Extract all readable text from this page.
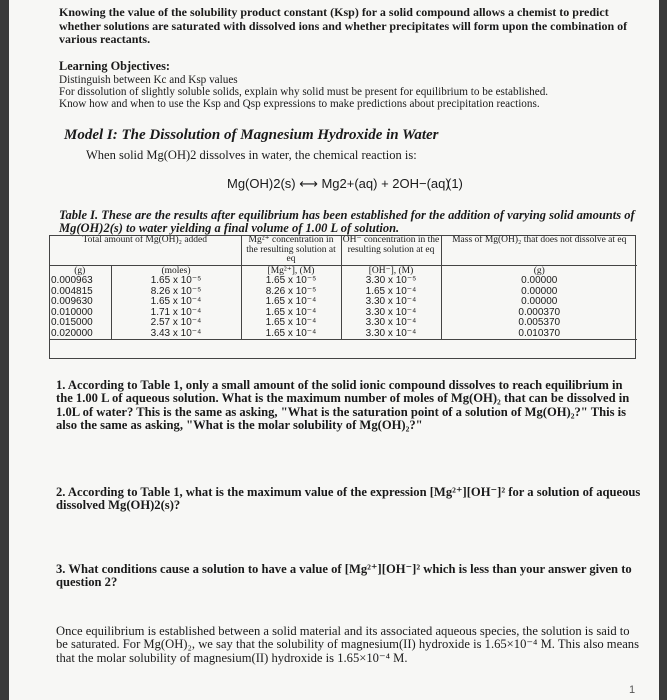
Knowing the value of the solubility product constant (Ksp) for a solid compound allows a chemist to predict whether solutions are saturated with dissolved ions and whether precipitates will form upon the combination of various reactants.

Learning Objectives:

Distinguish between Kc and Ksp values
For dissolution of slightly soluble solids, explain why solid must be present for equilibrium to be established.
Know how and when to use the Ksp and Qsp expressions to make predictions about precipitation reactions.
Model I: The Dissolution of Magnesium Hydroxide in Water
When solid Mg(OH)2 dissolves in water, the chemical reaction is:
Mg(OH)2(s) ⟷ Mg2+(aq) + 2OH−(aq)
(1)
Table I. These are the results after equilibrium has been established for the addition of varying solid amounts of Mg(OH)2(s) to water yielding a final volume of 1.00 L of solution.
Total amount of Mg(OH)₂ added		Mg²⁺ concentration in the resulting solution at eq	OH⁻ concentration in the resulting solution at eq	Mass of Mg(OH)₂ that does not dissolve at eq
(g)	(moles)	[Mg²⁺], (M)	[OH⁻], (M)	(g)
0.000963	1.65 x 10⁻⁵	1.65 x 10⁻⁵	3.30 x 10⁻⁵	0.00000
0.004815	8.26 x 10⁻⁵	8.26 x 10⁻⁵	1.65 x 10⁻⁴	0.00000
0.009630	1.65 x 10⁻⁴	1.65 x 10⁻⁴	3.30 x 10⁻⁴	0.00000
0.010000	1.71 x 10⁻⁴	1.65 x 10⁻⁴	3.30 x 10⁻⁴	0.000370
0.015000	2.57 x 10⁻⁴	1.65 x 10⁻⁴	3.30 x 10⁻⁴	0.005370
0.020000	3.43 x 10⁻⁴	1.65 x 10⁻⁴	3.30 x 10⁻⁴	0.010370

1. According to Table 1, only a small amount of the solid ionic compound dissolves to reach equilibrium in the 1.00 L of aqueous solution. What is the maximum number of moles of Mg(OH)₂ that can be dissolved in 1.0L of water? This is the same as asking, "What is the saturation point of a solution of Mg(OH)₂?" This is also the same as asking, "What is the molar solubility of Mg(OH)₂?"

2. According to Table 1, what is the maximum value of the expression [Mg²⁺][OH⁻]² for a solution of aqueous dissolved Mg(OH)2(s)?

3. What conditions cause a solution to have a value of [Mg²⁺][OH⁻]² which is less than your answer given to question 2?

Once equilibrium is established between a solid material and its associated aqueous species, the solution is said to be saturated. For Mg(OH)₂, we say that the solubility of magnesium(II) hydroxide is 1.65×10⁻⁴ M. This also means that the molar solubility of magnesium(II) hydroxide is 1.65×10⁻⁴ M.

1
